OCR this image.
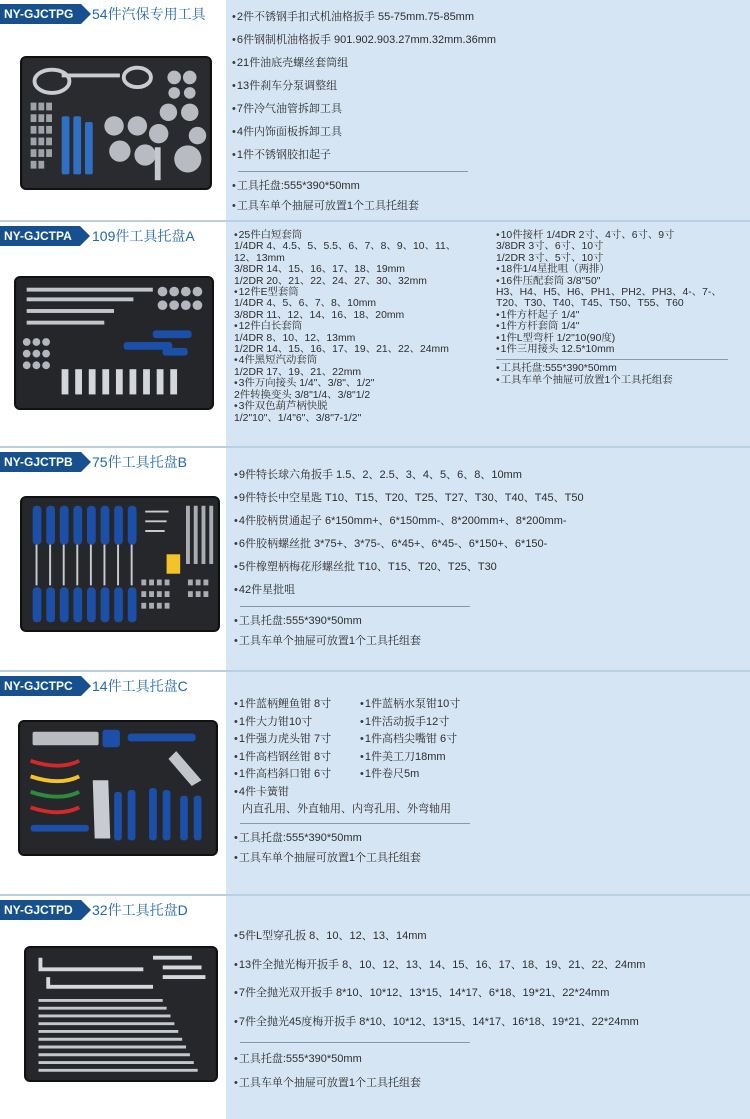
NY-GJCTPG	54件汽保专用工具	• 2件不锈钢手扣式机油格扳手 55-75mm.75-85mm
• 6件钢制机油格扳手 901.902.903.27mm.32mm.36mm
• 21件油底壳螺丝套筒组
• 13件刹车分泵调整组
• 7件冷气油管拆卸工具
• 4件内饰面板拆卸工具
• 1件不锈钢胶扣起子
• 工具托盘:555*390*50mm
• 工具车单个抽屉可放置1个工具托组套
NY-GJCTPA	109件工具托盘A	• 25件白短套筒
1/4DR 4、4.5、5、5.5、6、7、8、9、10、11、
12、13mm
3/8DR 14、15、16、17、18、19mm
1/2DR 20、21、22、24、27、30、32mm
• 12件E型套筒
1/4DR 4、5、6、7、8、10mm
3/8DR 11、12、14、16、18、20mm
• 12件白长套筒
1/4DR 8、10、12、13mm
1/2DR 14、15、16、17、19、21、22、24mm
• 4件黑短汽动套筒
1/2DR 17、19、21、22mm
• 3件万向接头 1/4"、3/8"、1/2"
2件转换变头 3/8"1/4、3/8"1/2
• 3件双色葫芦柄快脱
1/2"10"、1/4"6"、3/8"7-1/2"
• 10件接杆 1/4DR 2寸、4寸、6寸、9寸
3/8DR 3寸、6寸、10寸
1/2DR 3寸、5寸、10寸
• 18件1/4星批咀（两排）
• 16件压配套筒 3/8"50"
H3、H4、H5、H6、PH1、PH2、PH3、4-、7-、
T20、T30、T40、T45、T50、T55、T60
• 1件方杆起子 1/4"
• 1件方杆套筒 1/4"
• 1件L型弯杆 1/2"10(90度)
• 1件三用接头 12.5*10mm
• 工具托盘:555*390*50mm
• 工具车单个抽屉可放置1个工具托组套
NY-GJCTPB	75件工具托盘B
• 9件特长球六角扳手 1.5、2、2.5、3、4、5、6、8、10mm
• 9件特长中空星匙 T10、T15、T20、T25、T27、T30、T40、T45、T50
• 4件胶柄贯通起子 6*150mm+、6*150mm-、8*200mm+、8*200mm-
• 6件胶柄螺丝批 3*75+、3*75-、6*45+、6*45-、6*150+、6*150-
• 5件橡塑柄梅花形螺丝批 T10、T15、T20、T25、T30
• 42件星批咀
• 工具托盘:555*390*50mm
• 工具车单个抽屉可放置1个工具托组套
NY-GJCTPC	14件工具托盘C
• 1件蓝柄鲤鱼钳 8寸
• 1件大力钳10寸
• 1件强力虎头钳 7寸
• 1件高档钢丝钳 8寸
• 1件高档斜口钳 6寸
• 4件卡簧钳
内直孔用、外直轴用、内弯孔用、外弯轴用
• 工具托盘:555*390*50mm
• 工具车单个抽屉可放置1个工具托组套
• 1件蓝柄水泵钳10寸
• 1件活动扳手12寸
• 1件高档尖嘴钳 6寸
• 1件美工刀18mm
• 1件卷尺5m
NY-GJCTPD	32件工具托盘D
• 5件L型穿孔扳 8、10、12、13、14mm
• 13件全抛光梅开扳手 8、10、12、13、14、15、16、17、18、19、21、22、24mm
• 7件全抛光双开扳手 8*10、10*12、13*15、14*17、6*18、19*21、22*24mm
• 7件全抛光45度梅开扳手 8*10、10*12、13*15、14*17、16*18、19*21、22*24mm
• 工具托盘:555*390*50mm
• 工具车单个抽屉可放置1个工具托组套
